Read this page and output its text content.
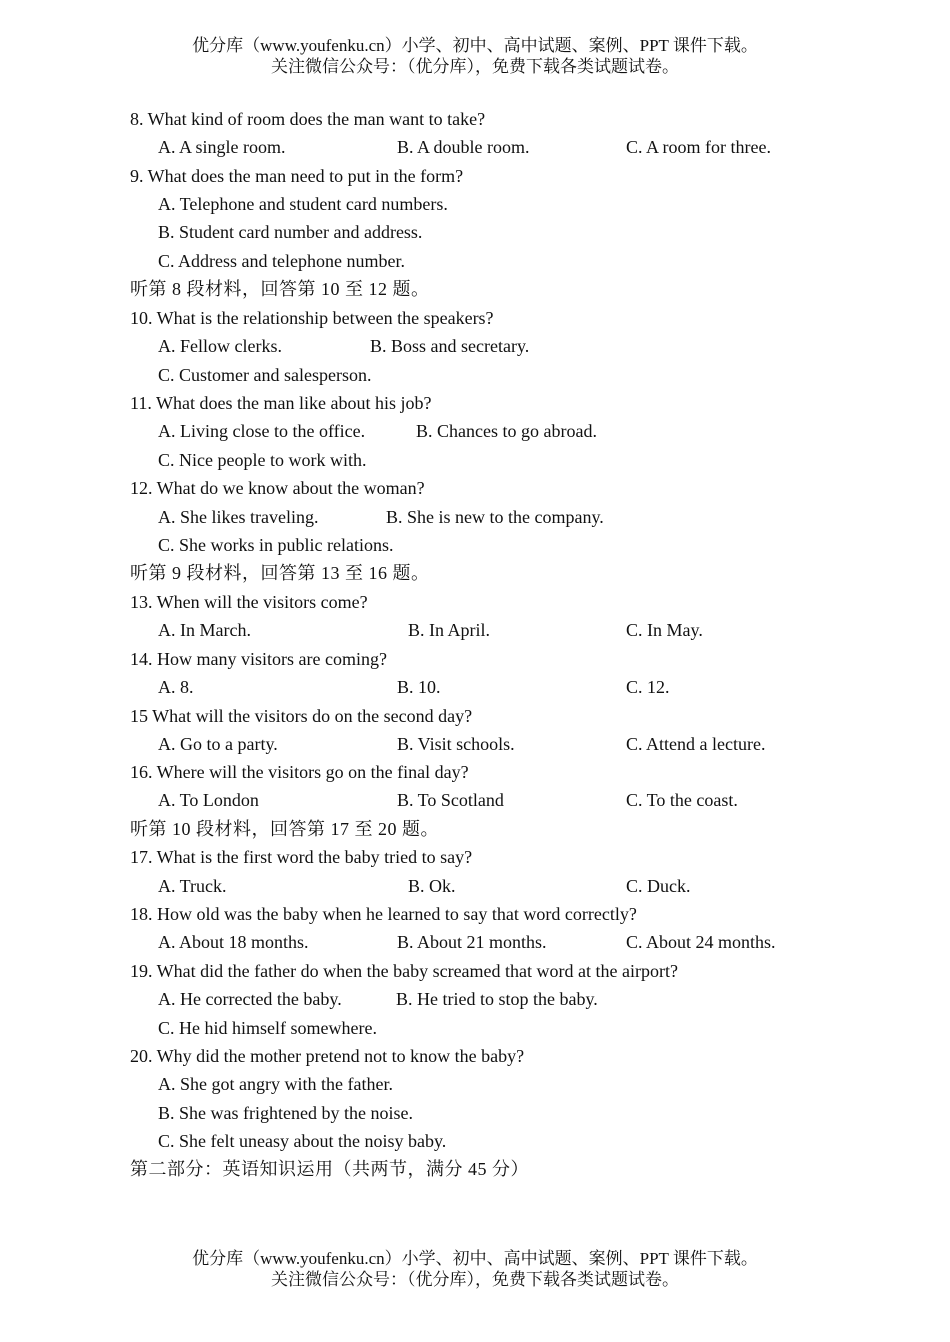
优分库（www.youfenku.cn）小学、初中、高中试题、案例、PPT 课件下载。
关注微信公众号：（优分库），免费下载各类试题试卷。
8. What kind of room does the man want to take?
A. A single room.	B. A double room.	C. A room for three.
9. What does the man need to put in the form?
A. Telephone and student card numbers.
B. Student card number and address.
C. Address and telephone number.
听第 8 段材料，回答第 10 至 12 题。
10. What is the relationship between the speakers?
A. Fellow clerks.	B. Boss and secretary.
C. Customer and salesperson.
11. What does the man like about his job?
A. Living close to the office.	B. Chances to go abroad.
C. Nice people to work with.
12. What do we know about the woman?
A. She likes traveling.	B. She is new to the company.
C. She works in public relations.
听第 9 段材料，回答第 13 至 16 题。
13. When will the visitors come?
A. In March.	B. In April.	C. In May.
14. How many visitors are coming?
A. 8.	B. 10.	C. 12.
15 What will the visitors do on the second day?
A. Go to a party.	B. Visit schools.	C. Attend a lecture.
16. Where will the visitors go on the final day?
A. To London	B. To Scotland	C. To the coast.
听第 10 段材料，回答第 17 至 20 题。
17. What is the first word the baby tried to say?
A. Truck.	B. Ok.	C. Duck.
18. How old was the baby when he learned to say that word correctly?
A. About 18 months.	B. About 21 months.	C. About 24 months.
19. What did the father do when the baby screamed that word at the airport?
A. He corrected the baby.	B. He tried to stop the baby.
C. He hid himself somewhere.
20. Why did the mother pretend not to know the baby?
A. She got angry with the father.
B. She was frightened by the noise.
C. She felt uneasy about the noisy baby.
第二部分：英语知识运用（共两节，满分 45 分）
优分库（www.youfenku.cn）小学、初中、高中试题、案例、PPT 课件下载。
关注微信公众号：（优分库），免费下载各类试题试卷。
